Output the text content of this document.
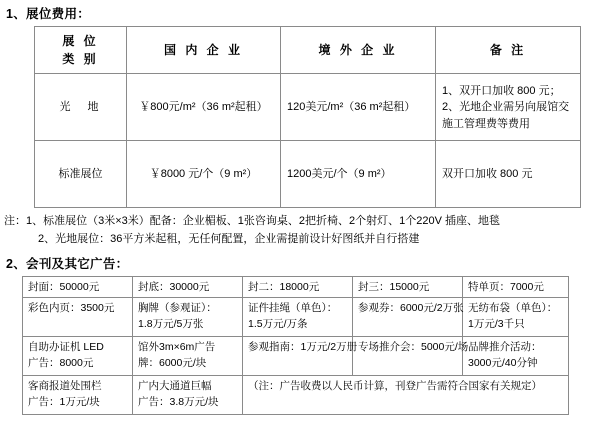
1、展位费用：
展 位
类 别	国 内 企 业	境 外 企 业	备 注
光　地	￥800元/m²（36 m²起租）	120美元/m²（36 m²起租）	1、双开口加收 800 元；
2、光地企业需另向展馆交
施工管理费等费用

标准展位	￥8000 元/个（9 m²）	1200美元/个（9 m²）	双开口加收 800 元
注：1、标准展位（3米×3米）配备：企业楣板、1张咨询桌、2把折椅、2个射灯、1个220V 插座、地毯
2、光地展位：36平方米起租，无任何配置，企业需提前设计好图纸并自行搭建
2、会刊及其它广告：
封面：50000元	封底：30000元	封二：18000元	封三：15000元	特单页：7000元

彩色内页：3500元	胸牌（参观证）：
1.8万元/5万张	证件挂绳（单色）：
1.5万元/万条	参观券：6000元/2万张	无纺布袋（单色）：
1万元/3千只

自助办证机 LED
广告：8000元	馆外3m×6m广告
牌：6000元/块	参观指南：1万元/2万册	专场推介会：5000元/场	品牌推介活动：
3000元/40分钟

客商报道处围栏
广告：1万元/块	广内大通道巨幅
广告：3.8万元/块	（注：广告收费以人民币计算，刊登广告需符合国家有关规定）		
